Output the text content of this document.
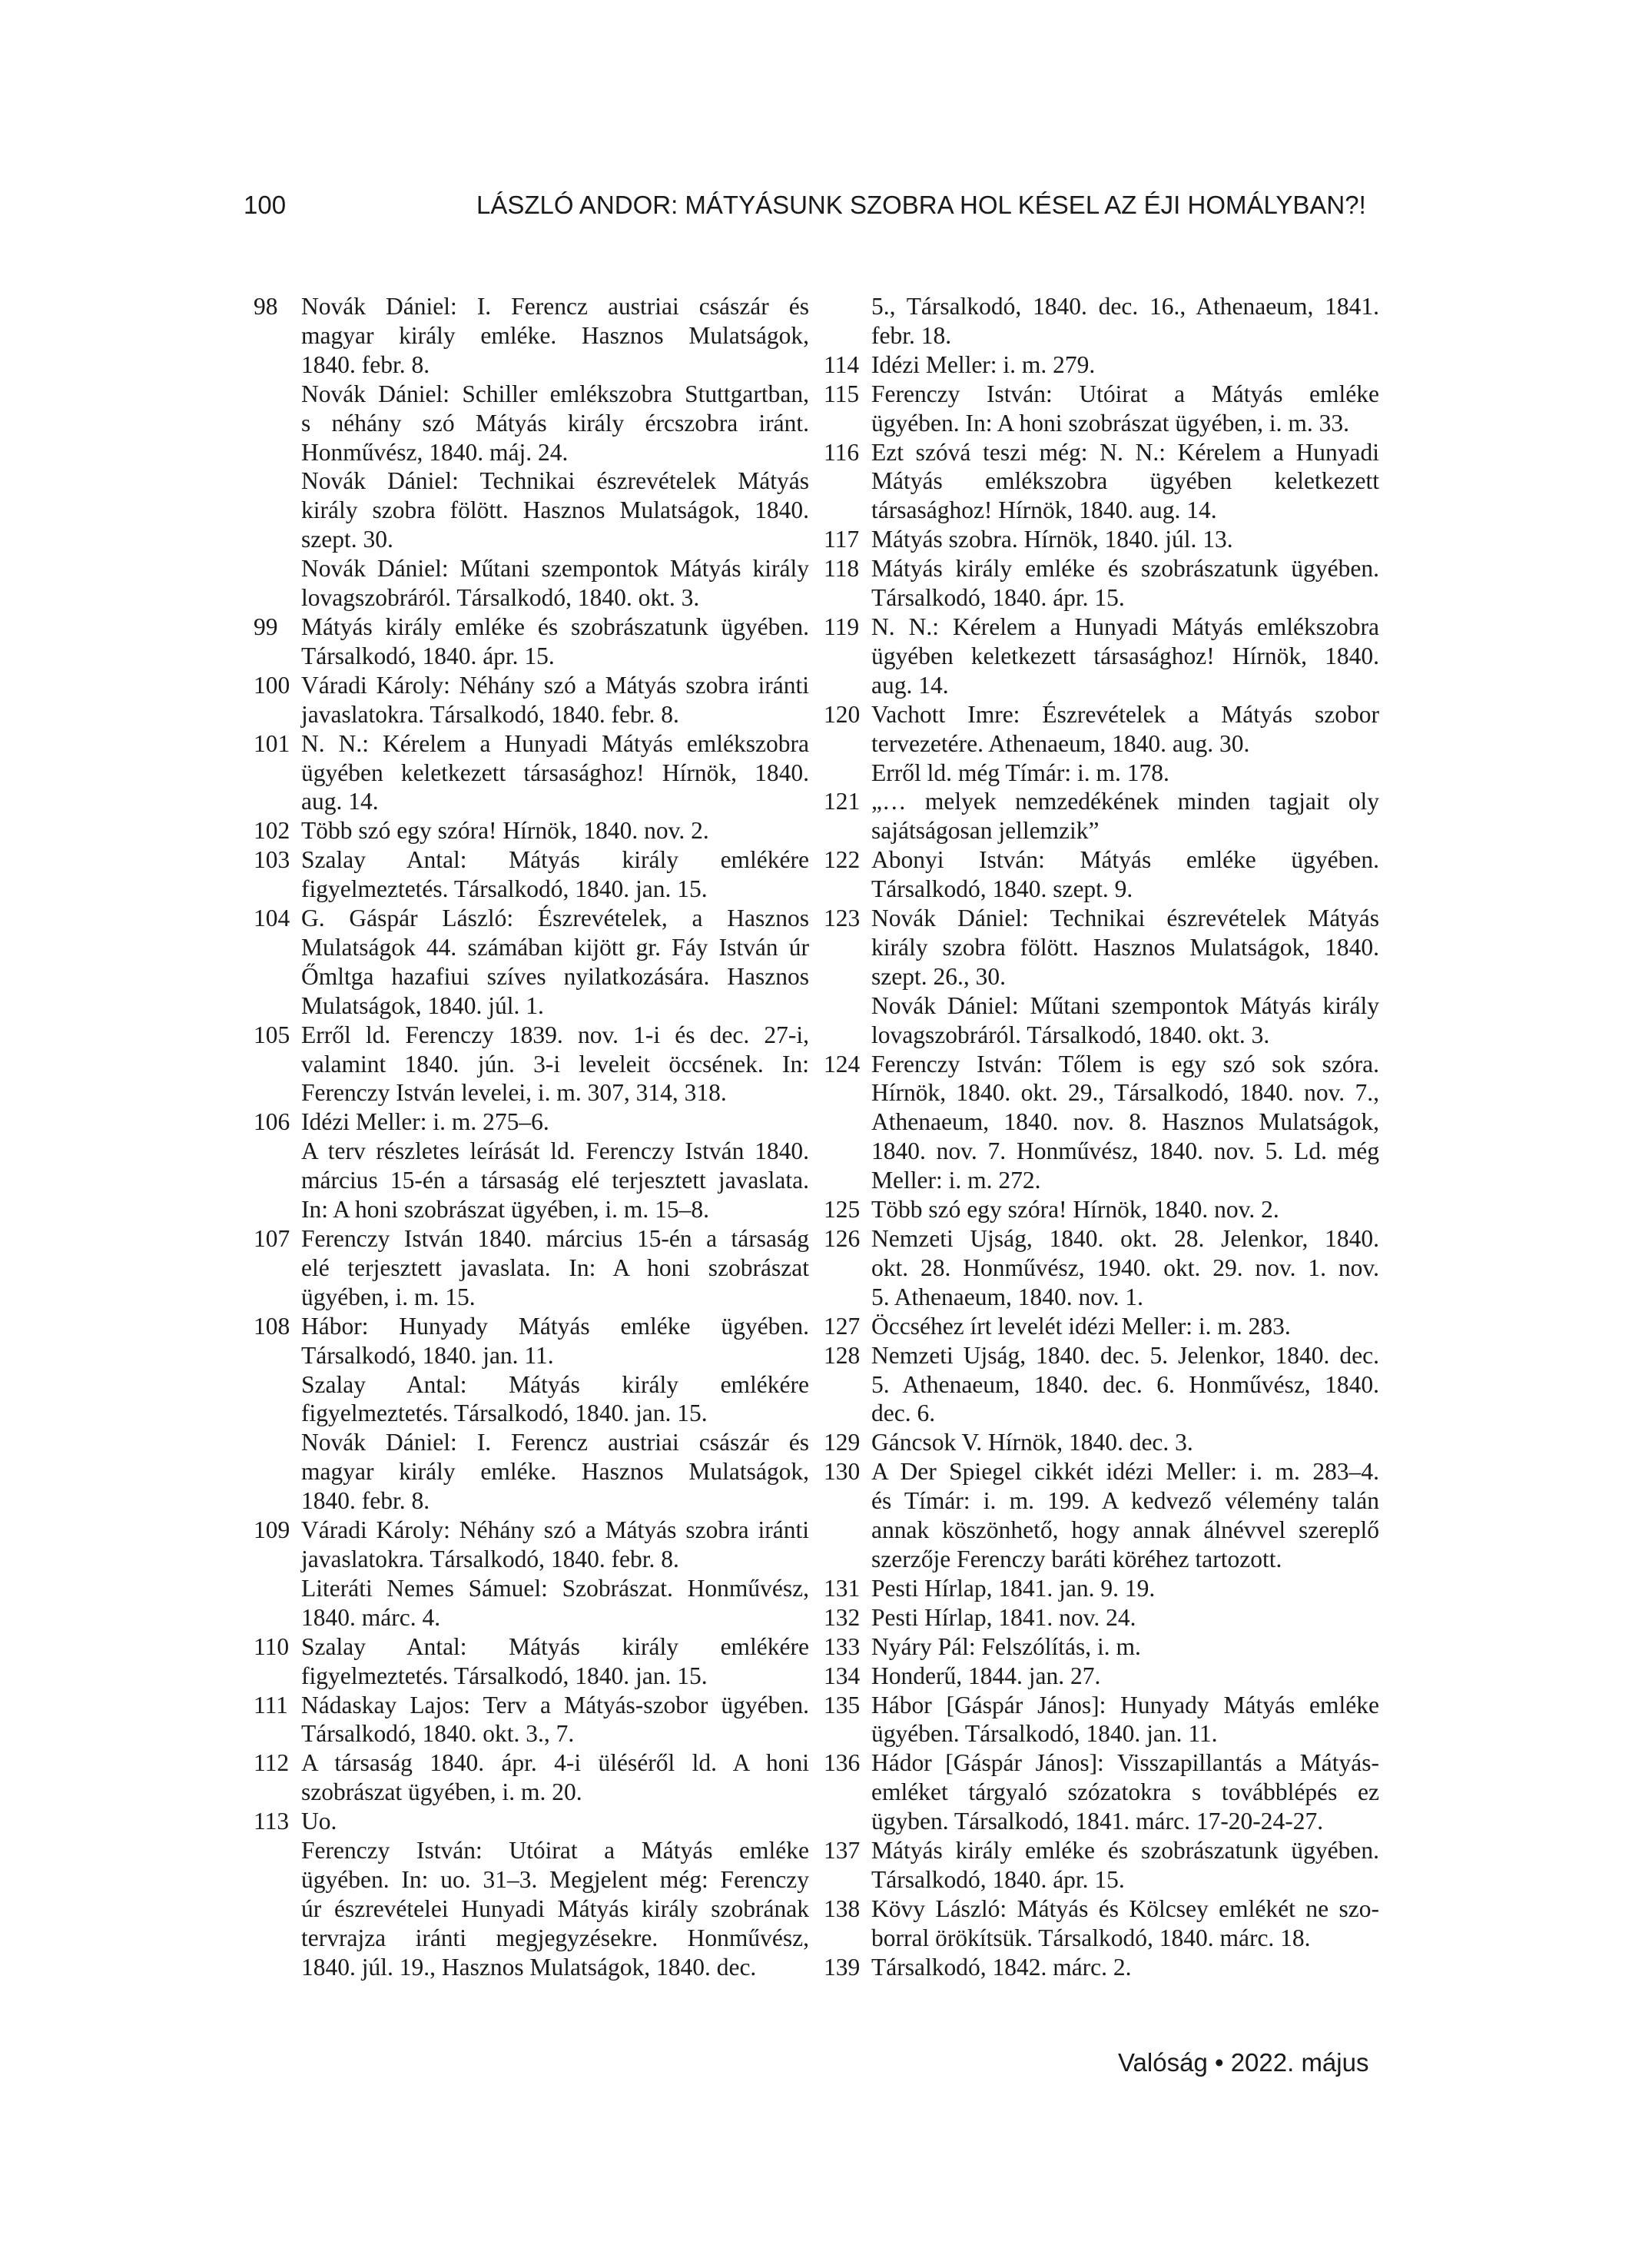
100	LÁSZLÓ ANDOR: MÁTYÁSUNK SZOBRA HOL KÉSEL AZ ÉJI HOMÁLYBAN?!
98 Novák Dániel: I. Ferencz austriai császár és
magyar király emléke. Hasznos Mulatságok,
1840. febr. 8.
Novák Dániel: Schiller emlékszobra Stuttgartban,
s néhány szó Mátyás király ércszobra iránt.
Honművész, 1840. máj. 24.
Novák Dániel: Technikai észrevételek Mátyás
király szobra fölött. Hasznos Mulatságok, 1840.
szept. 30.
Novák Dániel: Műtani szempontok Mátyás király
lovagszobráról. Társalkodó, 1840. okt. 3.
99 Mátyás király emléke és szobrászatunk ügyében.
Társalkodó, 1840. ápr. 15.
100 Váradi Károly: Néhány szó a Mátyás szobra iránti
javaslatokra. Társalkodó, 1840. febr. 8.
101 N. N.: Kérelem a Hunyadi Mátyás emlékszobra
ügyében keletkezett társasághoz! Hírnök, 1840.
aug. 14.
102 Több szó egy szóra! Hírnök, 1840. nov. 2.
103 Szalay Antal: Mátyás király emlékére
figyelmeztetés. Társalkodó, 1840. jan. 15.
104 G. Gáspár László: Észrevételek, a Hasznos
Mulatságok 44. számában kijött gr. Fáy István úr
Őmltga hazafiui szíves nyilatkozására. Hasznos
Mulatságok, 1840. júl. 1.
105 Erről ld. Ferenczy 1839. nov. 1-i és dec. 27-i,
valamint 1840. jún. 3-i leveleit öccsének. In:
Ferenczy István levelei, i. m. 307, 314, 318.
106 Idézi Meller: i. m. 275–6.
A terv részletes leírását ld. Ferenczy István 1840.
március 15-én a társaság elé terjesztett javaslata.
In: A honi szobrászat ügyében, i. m. 15–8.
107 Ferenczy István 1840. március 15-én a társaság
elé terjesztett javaslata. In: A honi szobrászat
ügyében, i. m. 15.
108 Hábor: Hunyady Mátyás emléke ügyében.
Társalkodó, 1840. jan. 11.
Szalay Antal: Mátyás király emlékére
figyelmeztetés. Társalkodó, 1840. jan. 15.
Novák Dániel: I. Ferencz austriai császár és
magyar király emléke. Hasznos Mulatságok,
1840. febr. 8.
109 Váradi Károly: Néhány szó a Mátyás szobra iránti
javaslatokra. Társalkodó, 1840. febr. 8.
Literáti Nemes Sámuel: Szobrászat. Honművész,
1840. márc. 4.
110 Szalay Antal: Mátyás király emlékére
figyelmeztetés. Társalkodó, 1840. jan. 15.
111 Nádaskay Lajos: Terv a Mátyás-szobor ügyében.
Társalkodó, 1840. okt. 3., 7.
112 A társaság 1840. ápr. 4-i üléséről ld. A honi
szobrászat ügyében, i. m. 20.
113 Uo.
Ferenczy István: Utóirat a Mátyás emléke
ügyében. In: uo. 31–3. Megjelent még: Ferenczy
úr észrevételei Hunyadi Mátyás király szobrának
tervrajza iránti megjegyzésekre. Honművész,
1840. júl. 19., Hasznos Mulatságok, 1840. dec.
5., Társalkodó, 1840. dec. 16., Athenaeum, 1841.
febr. 18.
114 Idézi Meller: i. m. 279.
115 Ferenczy István: Utóirat a Mátyás emléke
ügyében. In: A honi szobrászat ügyében, i. m. 33.
116 Ezt szóvá teszi még: N. N.: Kérelem a Hunyadi
Mátyás emlékszobra ügyében keletkezett
társasághoz! Hírnök, 1840. aug. 14.
117 Mátyás szobra. Hírnök, 1840. júl. 13.
118 Mátyás király emléke és szobrászatunk ügyében.
Társalkodó, 1840. ápr. 15.
119 N. N.: Kérelem a Hunyadi Mátyás emlékszobra
ügyében keletkezett társasághoz! Hírnök, 1840.
aug. 14.
120 Vachott Imre: Észrevételek a Mátyás szobor
tervezetére. Athenaeum, 1840. aug. 30.
Erről ld. még Tímár: i. m. 178.
121 „… melyek nemzedékének minden tagjait oly
sajátságosan jellemzik”
122 Abonyi István: Mátyás emléke ügyében.
Társalkodó, 1840. szept. 9.
123 Novák Dániel: Technikai észrevételek Mátyás
király szobra fölött. Hasznos Mulatságok, 1840.
szept. 26., 30.
Novák Dániel: Műtani szempontok Mátyás király
lovagszobráról. Társalkodó, 1840. okt. 3.
124 Ferenczy István: Tőlem is egy szó sok szóra.
Hírnök, 1840. okt. 29., Társalkodó, 1840. nov. 7.,
Athenaeum, 1840. nov. 8. Hasznos Mulatságok,
1840. nov. 7. Honművész, 1840. nov. 5. Ld. még
Meller: i. m. 272.
125 Több szó egy szóra! Hírnök, 1840. nov. 2.
126 Nemzeti Ujság, 1840. okt. 28. Jelenkor, 1840.
okt. 28. Honművész, 1940. okt. 29. nov. 1. nov.
5. Athenaeum, 1840. nov. 1.
127 Öccséhez írt levelét idézi Meller: i. m. 283.
128 Nemzeti Ujság, 1840. dec. 5. Jelenkor, 1840. dec.
5. Athenaeum, 1840. dec. 6. Honművész, 1840.
dec. 6.
129 Gáncsok V. Hírnök, 1840. dec. 3.
130 A Der Spiegel cikkét idézi Meller: i. m. 283–4.
és Tímár: i. m. 199. A kedvező vélemény talán
annak köszönhető, hogy annak álnévvel szereplő
szerzője Ferenczy baráti köréhez tartozott.
131 Pesti Hírlap, 1841. jan. 9. 19.
132 Pesti Hírlap, 1841. nov. 24.
133 Nyáry Pál: Felszólítás, i. m.
134 Honderű, 1844. jan. 27.
135 Hábor [Gáspár János]: Hunyady Mátyás emléke
ügyében. Társalkodó, 1840. jan. 11.
136 Hádor [Gáspár János]: Visszapillantás a Mátyás-
emléket tárgyaló szózatokra s továbblépés ez
ügyben. Társalkodó, 1841. márc. 17-20-24-27.
137 Mátyás király emléke és szobrászatunk ügyében.
Társalkodó, 1840. ápr. 15.
138 Kövy László: Mátyás és Kölcsey emlékét ne szo-
borral örökítsük. Társalkodó, 1840. márc. 18.
139 Társalkodó, 1842. márc. 2.
Valóság • 2022. május
